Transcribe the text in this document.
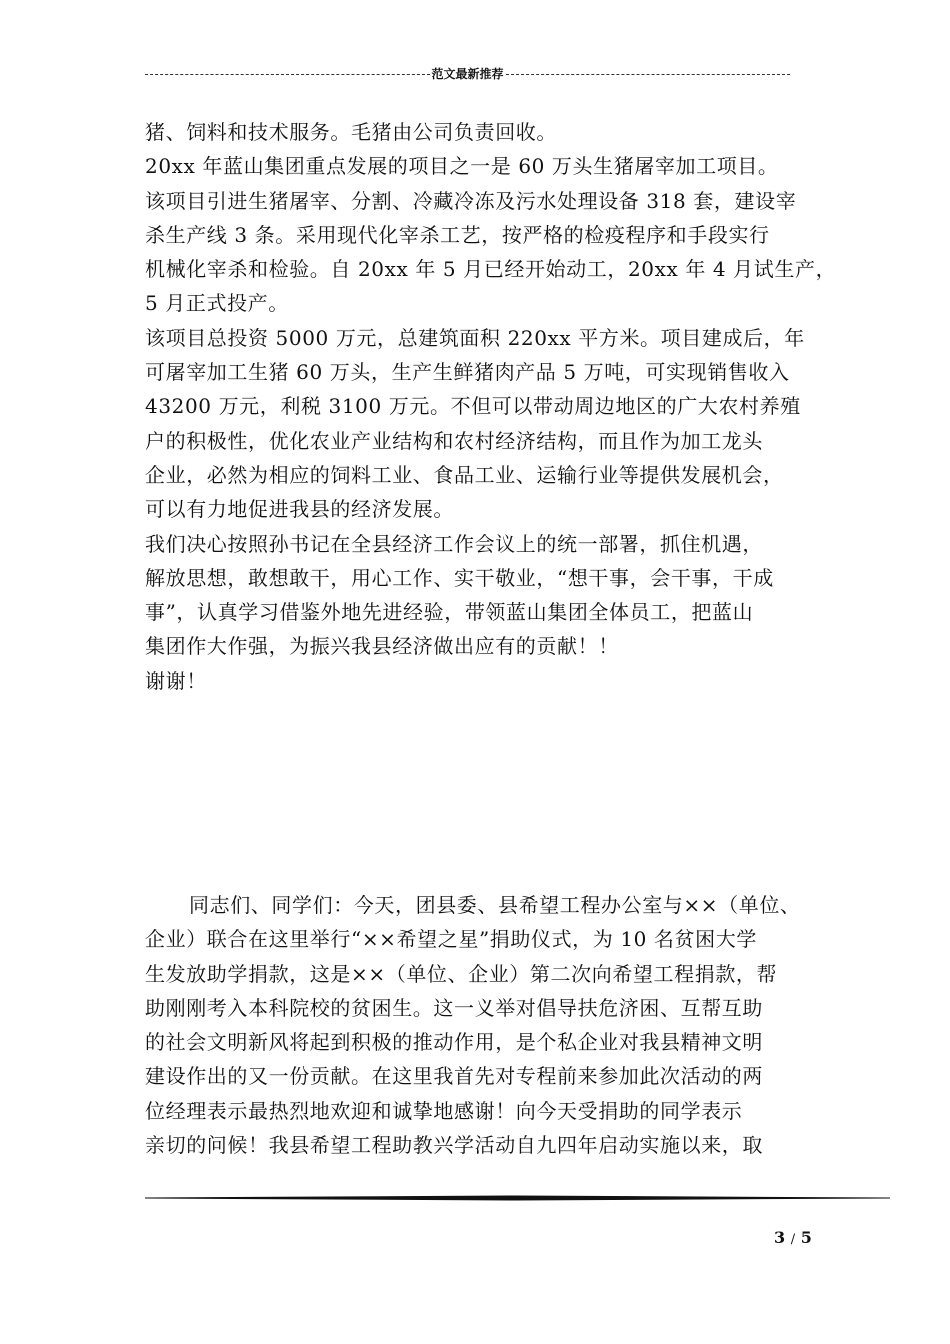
范文最新推荐
猪、饲料和技术服务。毛猪由公司负责回收。
20xx 年蓝山集团重点发展的项目之一是 60 万头生猪屠宰加工项目。
该项目引进生猪屠宰、分割、冷藏冷冻及污水处理设备 318 套，建设宰
杀生产线 3 条。采用现代化宰杀工艺，按严格的检疫程序和手段实行
机械化宰杀和检验。自 20xx 年 5 月已经开始动工，20xx 年 4 月试生产，
5 月正式投产。
该项目总投资 5000 万元，总建筑面积 220xx 平方米。项目建成后，年
可屠宰加工生猪 60 万头，生产生鲜猪肉产品 5 万吨，可实现销售收入
43200 万元，利税 3100 万元。不但可以带动周边地区的广大农村养殖
户的积极性，优化农业产业结构和农村经济结构，而且作为加工龙头
企业，必然为相应的饲料工业、食品工业、运输行业等提供发展机会，
可以有力地促进我县的经济发展。
我们决心按照孙书记在全县经济工作会议上的统一部署，抓住机遇，
解放思想，敢想敢干，用心工作、实干敬业，“想干事，会干事，干成
事”，认真学习借鉴外地先进经验，带领蓝山集团全体员工，把蓝山
集团作大作强，为振兴我县经济做出应有的贡献！！
谢谢！
同志们、同学们：今天，团县委、县希望工程办公室与××（单位、
企业）联合在这里举行“××希望之星”捐助仪式，为 10 名贫困大学
生发放助学捐款，这是××（单位、企业）第二次向希望工程捐款，帮
助刚刚考入本科院校的贫困生。这一义举对倡导扶危济困、互帮互助
的社会文明新风将起到积极的推动作用，是个私企业对我县精神文明
建设作出的又一份贡献。在这里我首先对专程前来参加此次活动的两
位经理表示最热烈地欢迎和诚挚地感谢！向今天受捐助的同学表示
亲切的问候！我县希望工程助教兴学活动自九四年启动实施以来，取
3 / 5
